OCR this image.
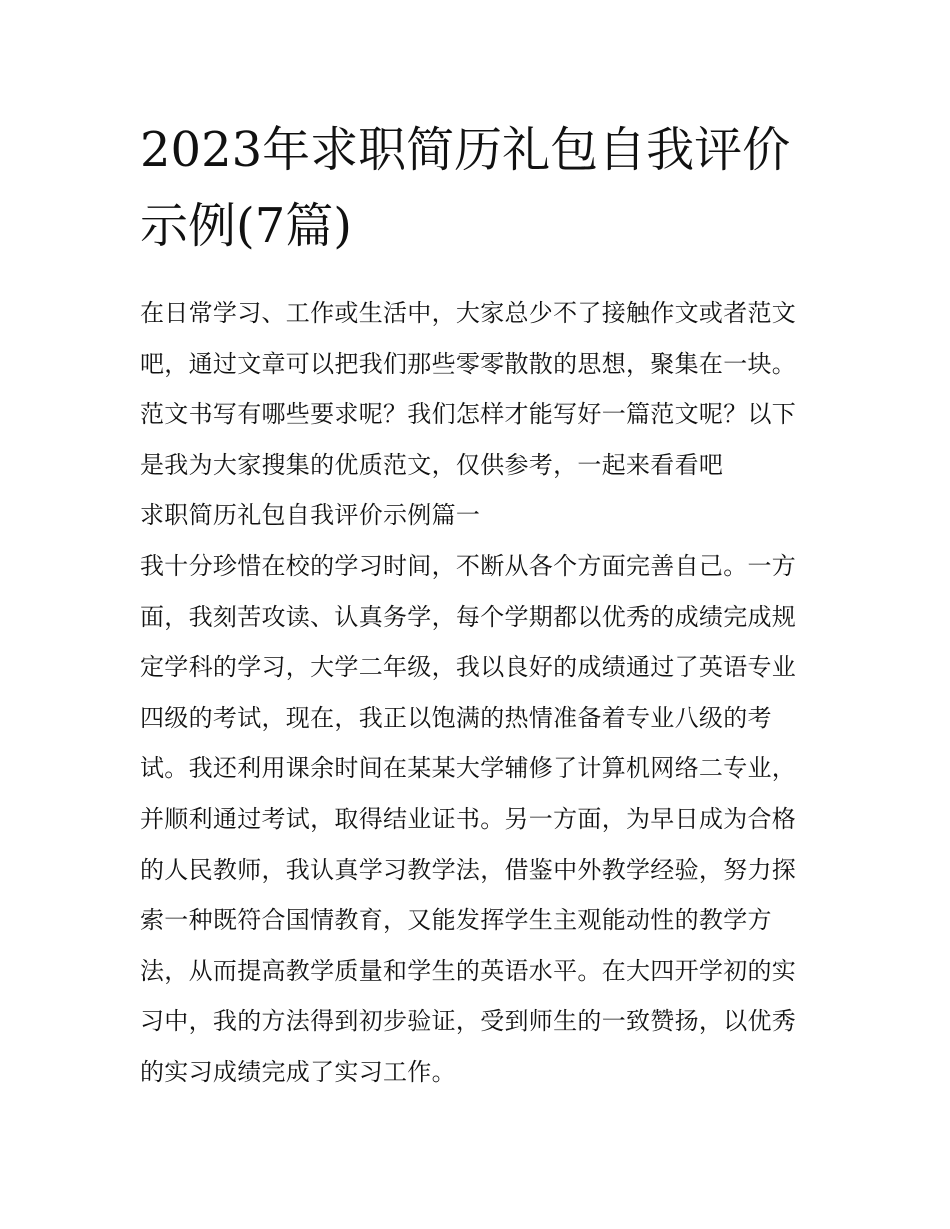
2023年求职简历礼包自我评价示例(7篇)

在日常学习、工作或生活中，大家总少不了接触作文或者范文吧，通过文章可以把我们那些零零散散的思想，聚集在一块。范文书写有哪些要求呢？我们怎样才能写好一篇范文呢？以下是我为大家搜集的优质范文，仅供参考，一起来看看吧

求职简历礼包自我评价示例篇一

我十分珍惜在校的学习时间，不断从各个方面完善自己。一方面，我刻苦攻读、认真务学，每个学期都以优秀的成绩完成规定学科的学习，大学二年级，我以良好的成绩通过了英语专业四级的考试，现在，我正以饱满的热情准备着专业八级的考试。我还利用课余时间在某某大学辅修了计算机网络二专业，并顺利通过考试，取得结业证书。另一方面，为早日成为合格的人民教师，我认真学习教学法，借鉴中外教学经验，努力探索一种既符合国情教育，又能发挥学生主观能动性的教学方法，从而提高教学质量和学生的英语水平。在大四开学初的实习中，我的方法得到初步验证，受到师生的一致赞扬，以优秀的实习成绩完成了实习工作。
